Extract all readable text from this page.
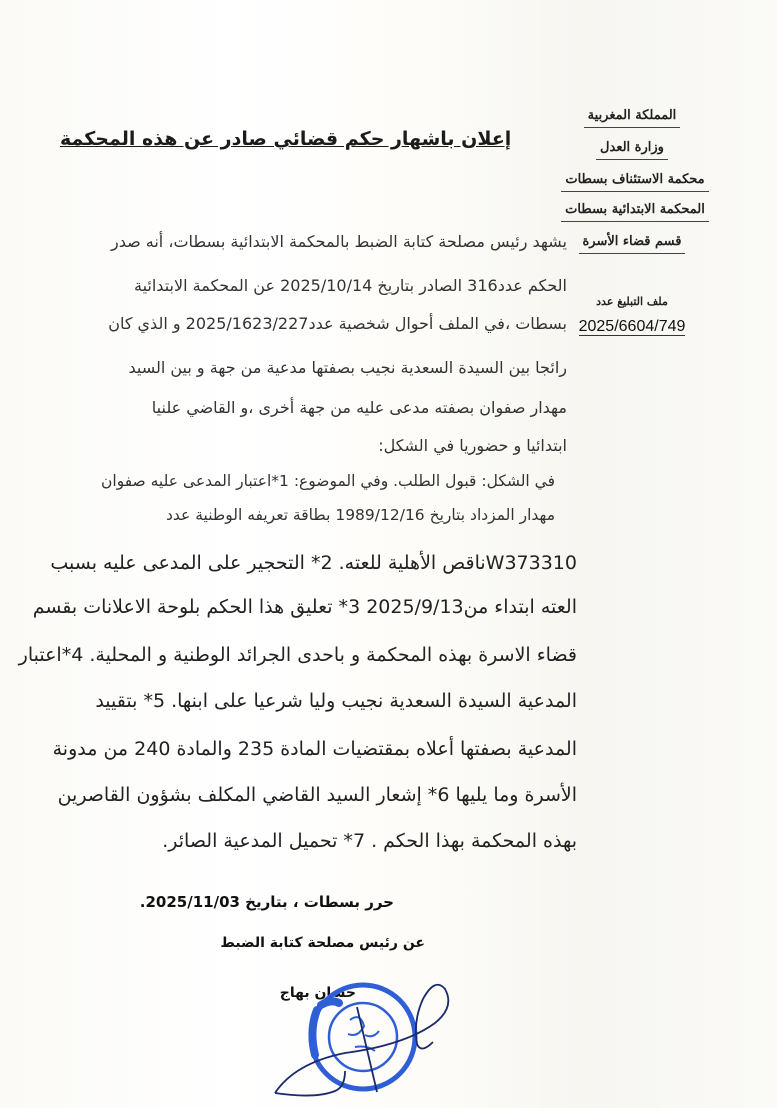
المملكة المغربية
وزارة العدل
محكمة الاستئناف بسطات
المحكمة الابتدائية بسطات
قسم قضاء الأسرة
ملف التبليغ عدد
2025/6604/749
إعلان باشهار حكم قضائي صادر عن هذه المحكمة
يشهد رئيس مصلحة كتابة الضبط بالمحكمة الابتدائية بسطات، أنه صدر
الحكم عدد316 الصادر بتاريخ 2025/10/14 عن المحكمة الابتدائية
بسطات ،في الملف أحوال شخصية عدد2025/1623/227 و الذي كان
رائجا بين السيدة السعدية نجيب بصفتها مدعية من جهة و بين السيد
مهدار صفوان بصفته مدعى عليه من جهة أخرى ،و القاضي علنيا
ابتدائيا و حضوريا في الشكل:
في الشكل: قبول الطلب. وفي الموضوع: 1*اعتبار المدعى عليه صفوان
مهدار المزداد بتاريخ 1989/12/16 بطاقة تعريفه الوطنية عدد
W373310ناقص الأهلية للعته. 2* التحجير على المدعى عليه بسبب
العته ابتداء من2025/9/13 3* تعليق هذا الحكم بلوحة الاعلانات بقسم
قضاء الاسرة بهذه المحكمة و باحدى الجرائد الوطنية و المحلية. 4*اعتبار
المدعية السيدة السعدية نجيب وليا شرعيا على ابنها. 5* بتقييد
المدعية بصفتها أعلاه بمقتضيات المادة 235 والمادة 240 من مدونة
الأسرة وما يليها 6* إشعار السيد القاضي المكلف بشؤون القاصرين
بهذه المحكمة بهذا الحكم . 7* تحميل المدعية الصائر.
حرر بسطات ، بتاريخ 2025/11/03.
عن رئيس مصلحة كتابة الضبط
حسان بهاج
